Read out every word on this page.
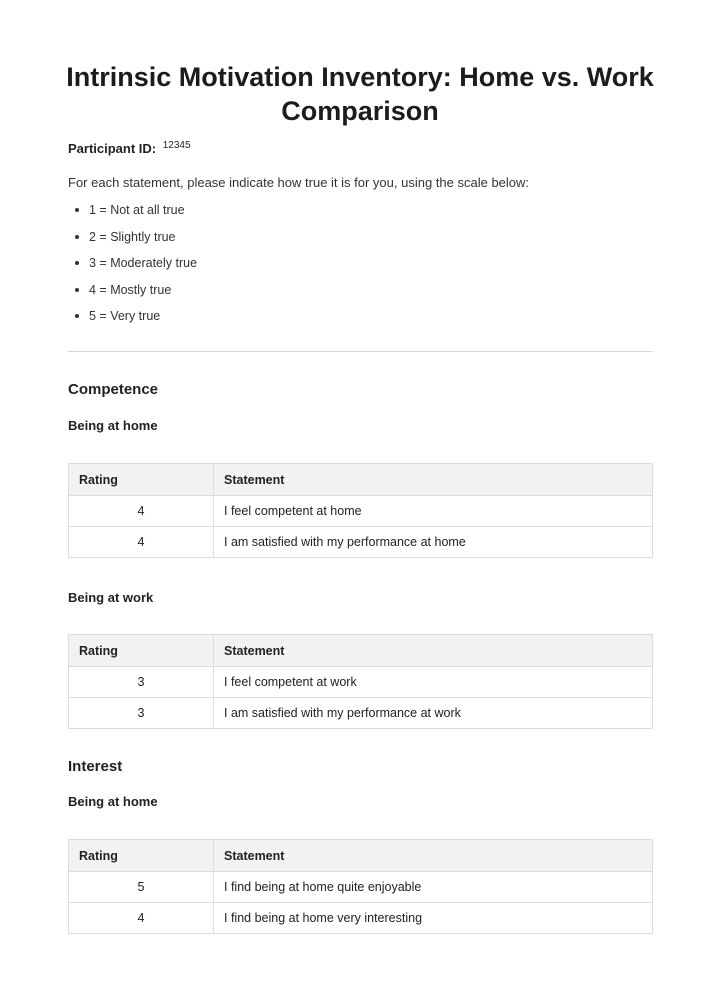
Intrinsic Motivation Inventory: Home vs. Work Comparison
Participant ID: $^{12345}$
For each statement, please indicate how true it is for you, using the scale below:
1 = Not at all true
2 = Slightly true
3 = Moderately true
4 = Mostly true
5 = Very true
Competence
Being at home
Rating	Statement
4	I feel competent at home
4	I am satisfied with my performance at home
Being at work
Rating	Statement
3	I feel competent at work
3	I am satisfied with my performance at work
Interest
Being at home
Rating	Statement
5	I find being at home quite enjoyable
4	I find being at home very interesting
